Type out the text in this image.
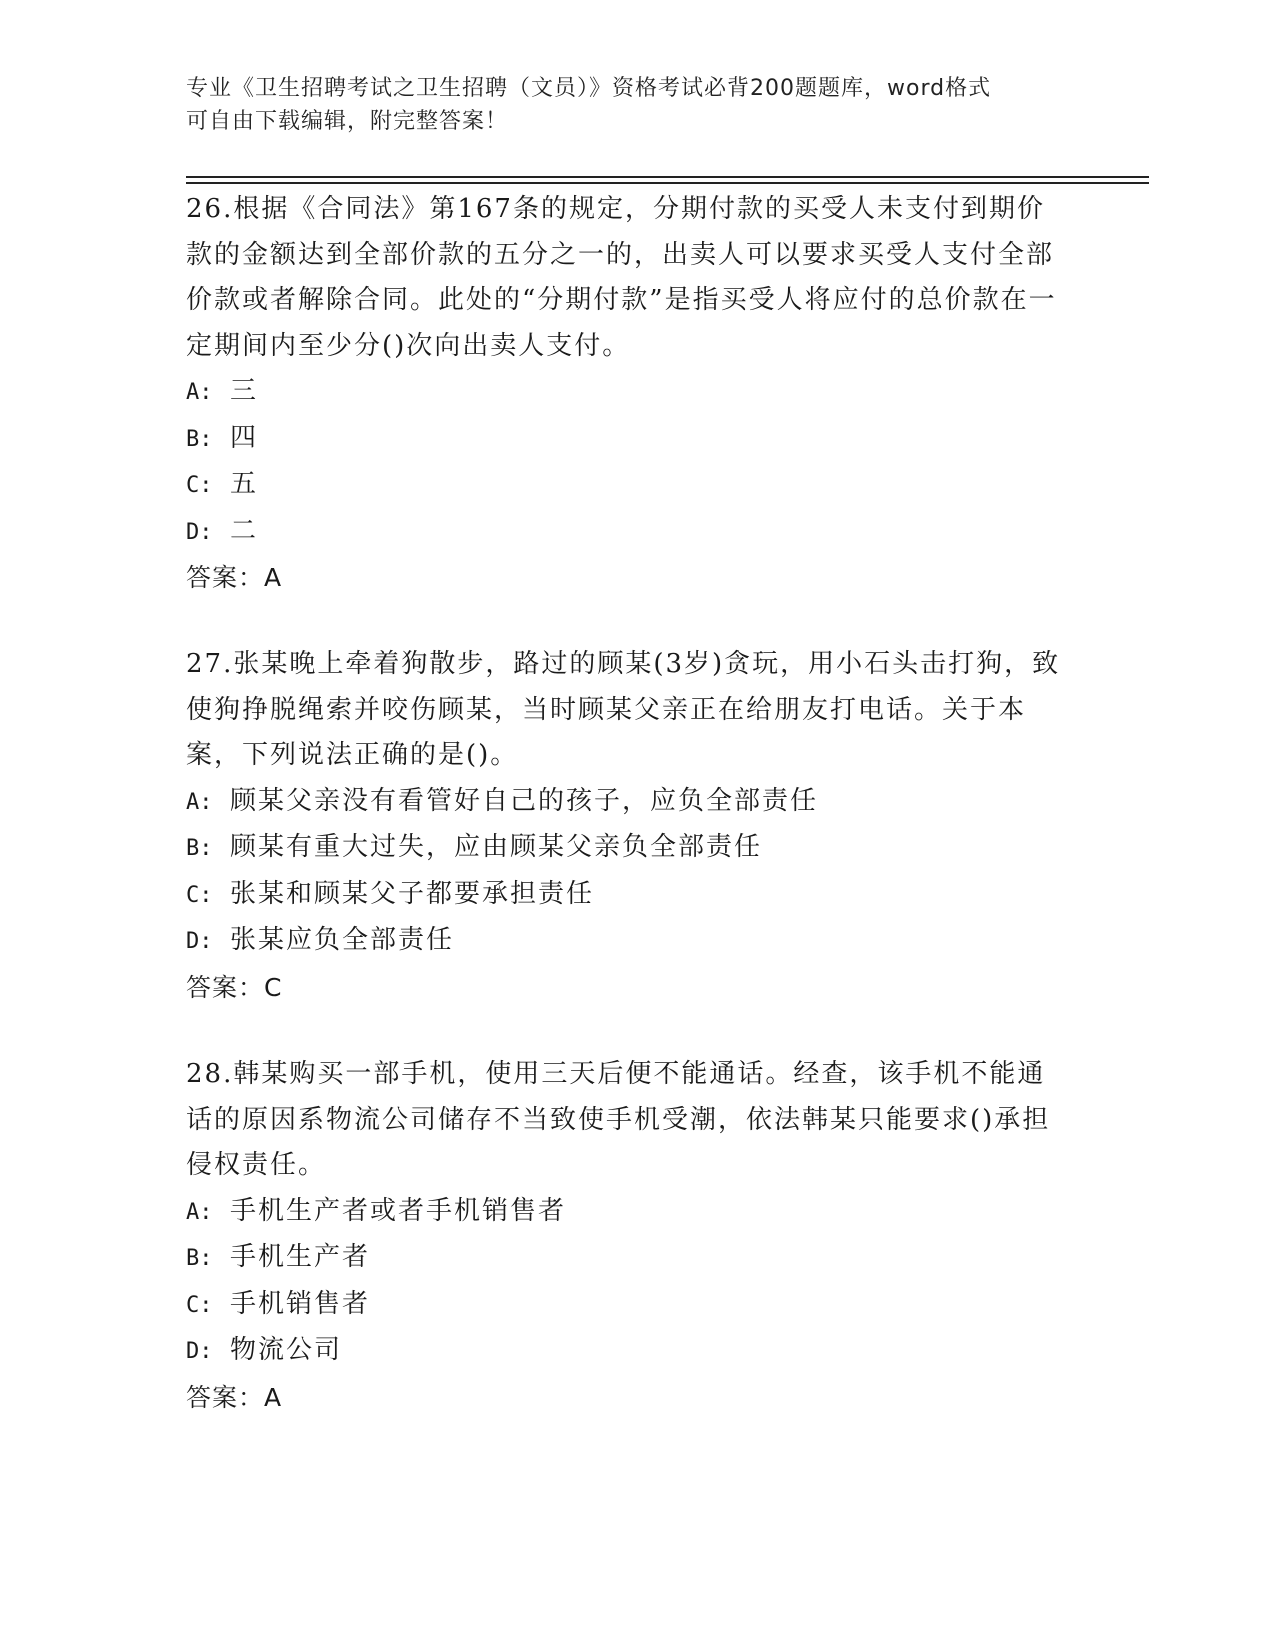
专业《卫生招聘考试之卫生招聘（文员）》资格考试必背200题题库，word格式

可自由下载编辑，附完整答案！

26.根据《合同法》第167条的规定，分期付款的买受人未支付到期价款的金额达到全部价款的五分之一的，出卖人可以要求买受人支付全部价款或者解除合同。此处的“分期付款”是指买受人将应付的总价款在一定期间内至少分()次向出卖人支付。

A: 三

B: 四

C: 五

D: 二

答案：A

27.张某晚上牵着狗散步，路过的顾某(3岁)贪玩，用小石头击打狗，致使狗挣脱绳索并咬伤顾某，当时顾某父亲正在给朋友打电话。关于本案，下列说法正确的是()。

A: 顾某父亲没有看管好自己的孩子，应负全部责任

B: 顾某有重大过失，应由顾某父亲负全部责任

C: 张某和顾某父子都要承担责任

D: 张某应负全部责任

答案：C

28.韩某购买一部手机，使用三天后便不能通话。经查，该手机不能通话的原因系物流公司储存不当致使手机受潮，依法韩某只能要求()承担侵权责任。

A: 手机生产者或者手机销售者

B: 手机生产者

C: 手机销售者

D: 物流公司

答案：A
